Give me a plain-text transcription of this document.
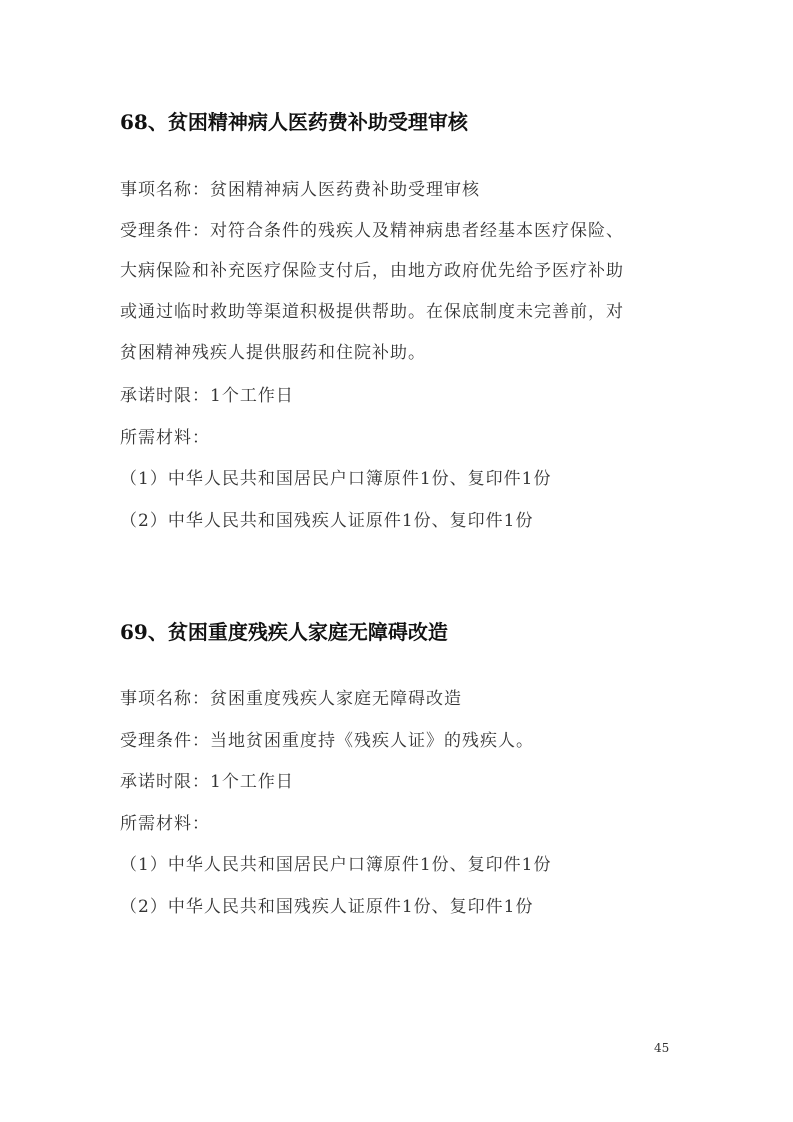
68、贫困精神病人医药费补助受理审核
事项名称：贫困精神病人医药费补助受理审核
受理条件：对符合条件的残疾人及精神病患者经基本医疗保险、
大病保险和补充医疗保险支付后，由地方政府优先给予医疗补助
或通过临时救助等渠道积极提供帮助。在保底制度未完善前，对
贫困精神残疾人提供服药和住院补助。
承诺时限：1个工作日
所需材料：
（1）中华人民共和国居民户口簿原件1份、复印件1份
（2）中华人民共和国残疾人证原件1份、复印件1份
69、贫困重度残疾人家庭无障碍改造
事项名称：贫困重度残疾人家庭无障碍改造
受理条件：当地贫困重度持《残疾人证》的残疾人。
承诺时限：1个工作日
所需材料：
（1）中华人民共和国居民户口簿原件1份、复印件1份
（2）中华人民共和国残疾人证原件1份、复印件1份
45
